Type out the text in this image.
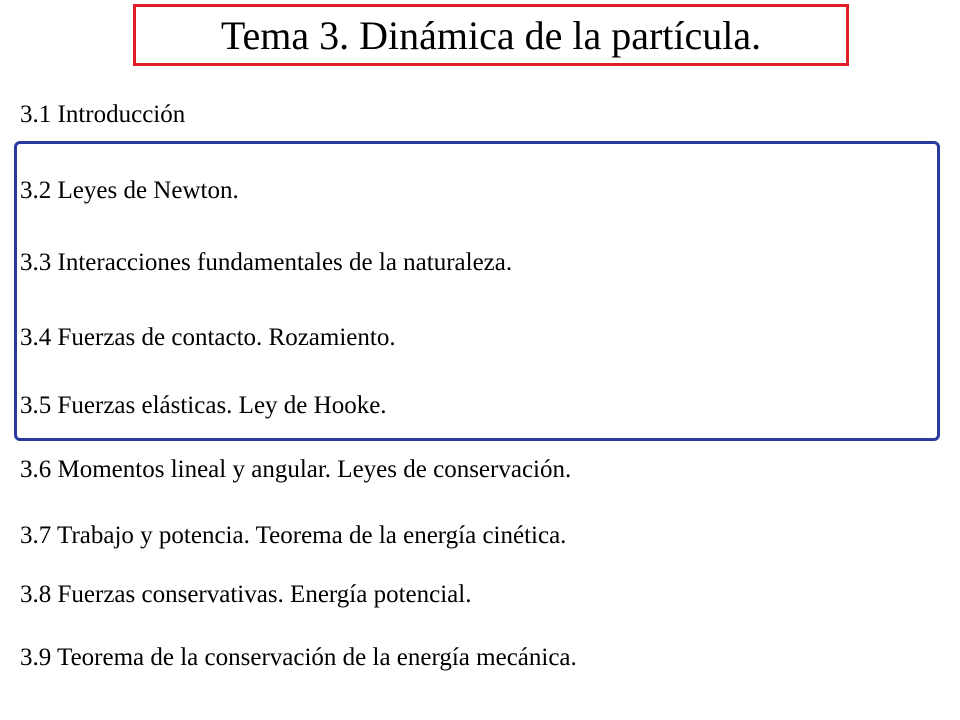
Tema 3. Dinámica de la partícula.
3.1 Introducción
3.2 Leyes de Newton.
3.3 Interacciones fundamentales de la naturaleza.
3.4 Fuerzas de contacto. Rozamiento.
3.5 Fuerzas elásticas. Ley de Hooke.
3.6 Momentos lineal y angular. Leyes de conservación.
3.7 Trabajo y potencia. Teorema de la energía cinética.
3.8 Fuerzas conservativas. Energía potencial.
3.9 Teorema de la conservación de la energía mecánica.
